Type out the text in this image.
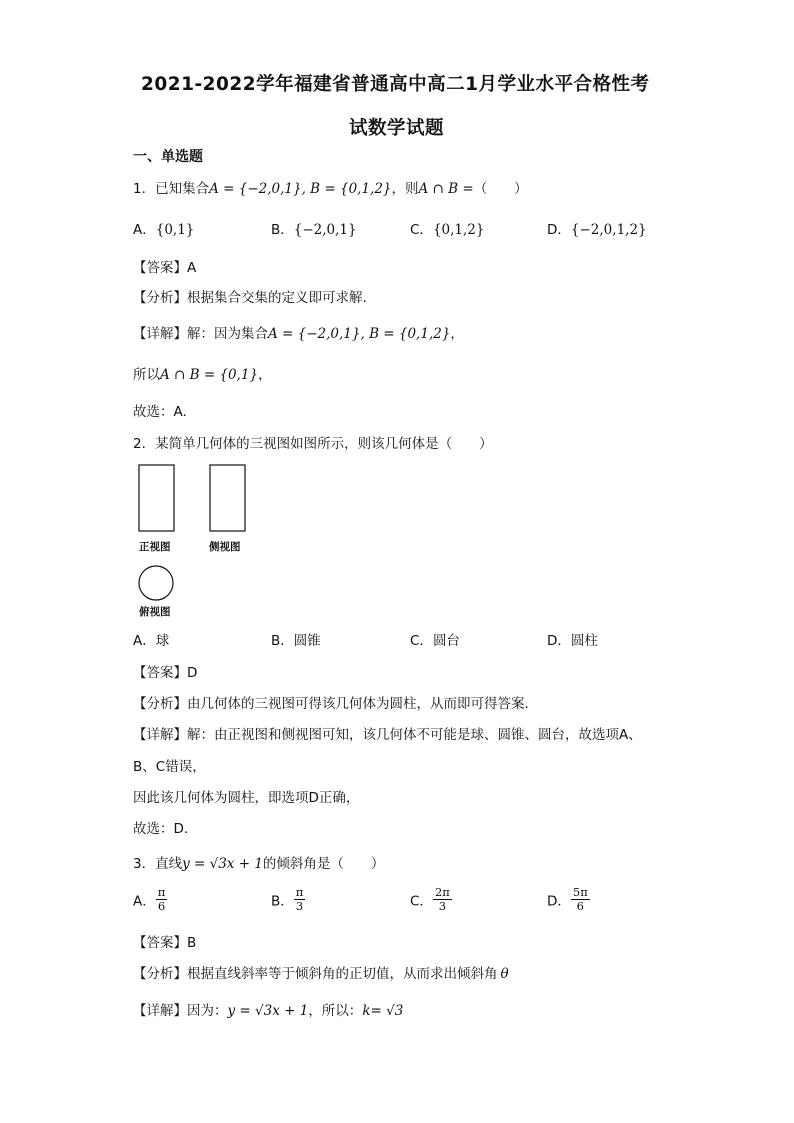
2021-2022学年福建省普通高中高二1月学业水平合格性考
试数学试题
一、单选题
1．已知集合A = {−2,0,1}, B = {0,1,2}，则A ∩ B =（　　）
A．{0,1}	B．{−2,0,1}	C．{0,1,2}	D．{−2,0,1,2}
【答案】A
【分析】根据集合交集的定义即可求解.
【详解】解：因为集合A = {−2,0,1}, B = {0,1,2}，
所以A ∩ B = {0,1}，
故选：A.
2．某简单几何体的三视图如图所示，则该几何体是（　　）
正视图	侧视图
俯视图
A．球	B．圆锥	C．圆台	D．圆柱
【答案】D
【分析】由几何体的三视图可得该几何体为圆柱，从而即可得答案.
【详解】解：由正视图和侧视图可知，该几何体不可能是球、圆锥、圆台，故选项A、
B、C错误，
因此该几何体为圆柱，即选项D正确，
故选：D.
3．直线y = √3x + 1的倾斜角是（　　）
A． $\frac{\pi}{6}$	B． $\frac{\pi}{3}$	C． $\frac{2\pi}{3}$	D． $\frac{5\pi}{6}$
【答案】B
【分析】根据直线斜率等于倾斜角的正切值，从而求出倾斜角 θ
【详解】因为：y = √3x + 1，所以：k= √3
